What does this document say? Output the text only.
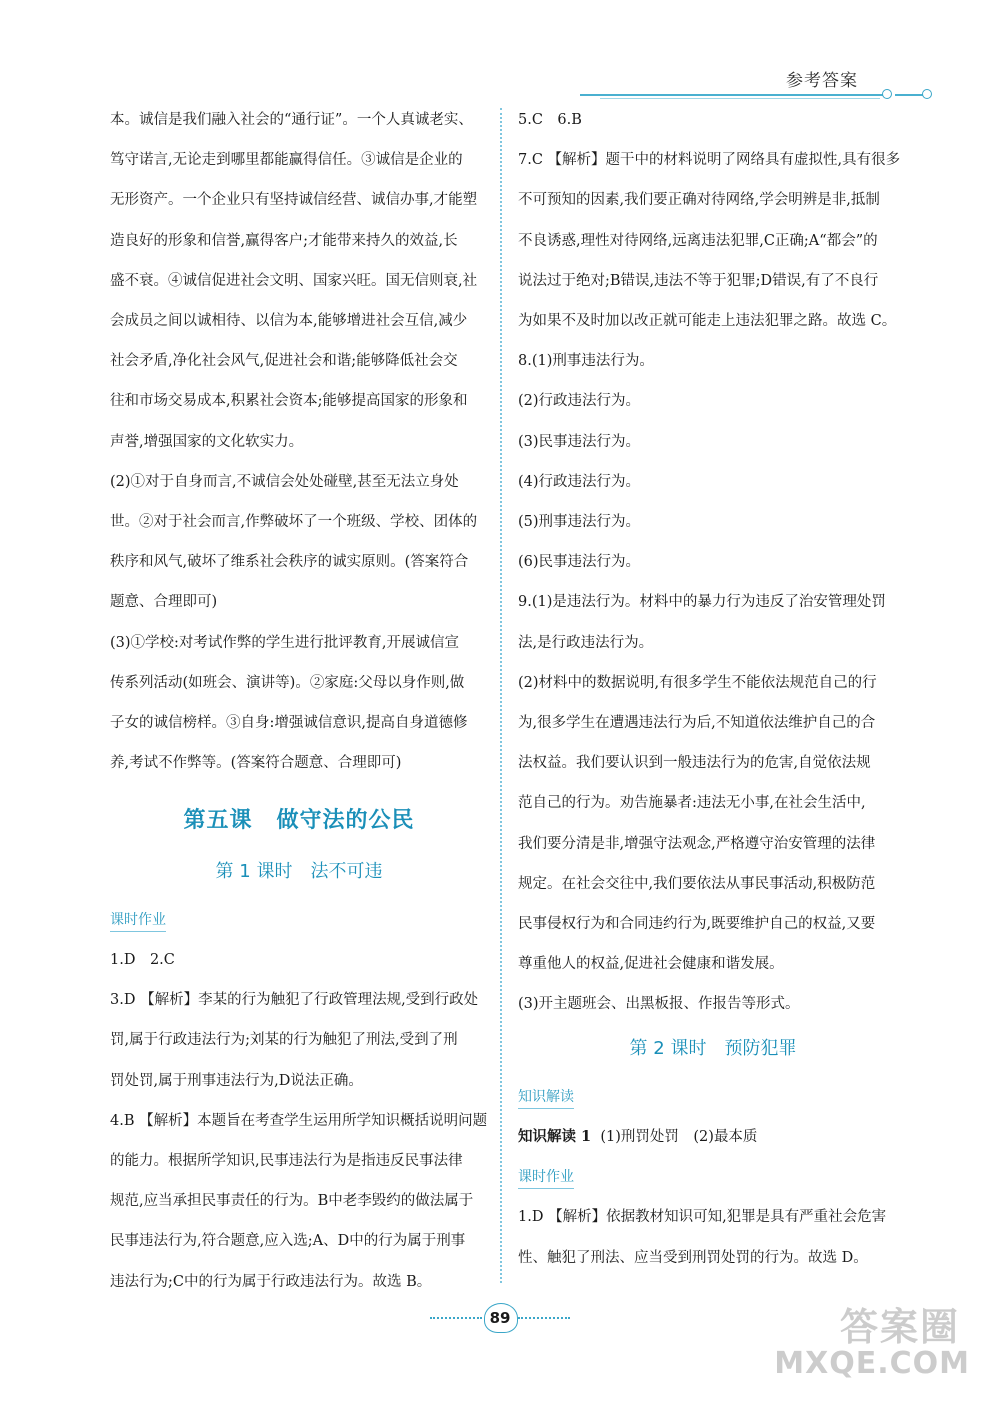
参考答案

本。诚信是我们融入社会的“通行证”。一个人真诚老实、

笃守诺言,无论走到哪里都能赢得信任。③诚信是企业的

无形资产。一个企业只有坚持诚信经营、诚信办事,才能塑

造良好的形象和信誉,赢得客户;才能带来持久的效益,长

盛不衰。④诚信促进社会文明、国家兴旺。国无信则衰,社

会成员之间以诚相待、以信为本,能够增进社会互信,减少

社会矛盾,净化社会风气,促进社会和谐;能够降低社会交

往和市场交易成本,积累社会资本;能够提高国家的形象和

声誉,增强国家的文化软实力。

(2)①对于自身而言,不诚信会处处碰壁,甚至无法立身处

世。②对于社会而言,作弊破坏了一个班级、学校、团体的

秩序和风气,破坏了维系社会秩序的诚实原则。(答案符合

题意、合理即可)

(3)①学校:对考试作弊的学生进行批评教育,开展诚信宣

传系列活动(如班会、演讲等)。②家庭:父母以身作则,做

子女的诚信榜样。③自身:增强诚信意识,提高自身道德修

养,考试不作弊等。(答案符合题意、合理即可)

第五课 做守法的公民
第 1 课时 法不可违
课时作业

1.D　2.C

3.D 【解析】李某的行为触犯了行政管理法规,受到行政处

罚,属于行政违法行为;刘某的行为触犯了刑法,受到了刑

罚处罚,属于刑事违法行为,D说法正确。

4.B 【解析】本题旨在考查学生运用所学知识概括说明问题

的能力。根据所学知识,民事违法行为是指违反民事法律

规范,应当承担民事责任的行为。B中老李毁约的做法属于

民事违法行为,符合题意,应入选;A、D中的行为属于刑事

违法行为;C中的行为属于行政违法行为。故选 B。

5.C　6.B

7.C 【解析】题干中的材料说明了网络具有虚拟性,具有很多

不可预知的因素,我们要正确对待网络,学会明辨是非,抵制

不良诱惑,理性对待网络,远离违法犯罪,C正确;A“都会”的

说法过于绝对;B错误,违法不等于犯罪;D错误,有了不良行

为如果不及时加以改正就可能走上违法犯罪之路。故选 C。

8.(1)刑事违法行为。

(2)行政违法行为。

(3)民事违法行为。

(4)行政违法行为。

(5)刑事违法行为。

(6)民事违法行为。

9.(1)是违法行为。材料中的暴力行为违反了治安管理处罚

法,是行政违法行为。

(2)材料中的数据说明,有很多学生不能依法规范自己的行

为,很多学生在遭遇违法行为后,不知道依法维护自己的合

法权益。我们要认识到一般违法行为的危害,自觉依法规

范自己的行为。劝告施暴者:违法无小事,在社会生活中,

我们要分清是非,增强守法观念,严格遵守治安管理的法律

规定。在社会交往中,我们要依法从事民事活动,积极防范

民事侵权行为和合同违约行为,既要维护自己的权益,又要

尊重他人的权益,促进社会健康和谐发展。

(3)开主题班会、出黑板报、作报告等形式。

第 2 课时 预防犯罪
知识解读

知识解读 1 (1)刑罚处罚　(2)最本质

课时作业

1.D 【解析】依据教材知识可知,犯罪是具有严重社会危害

性、触犯了刑法、应当受到刑罚处罚的行为。故选 D。

89	答案圈
MXQE.COM
